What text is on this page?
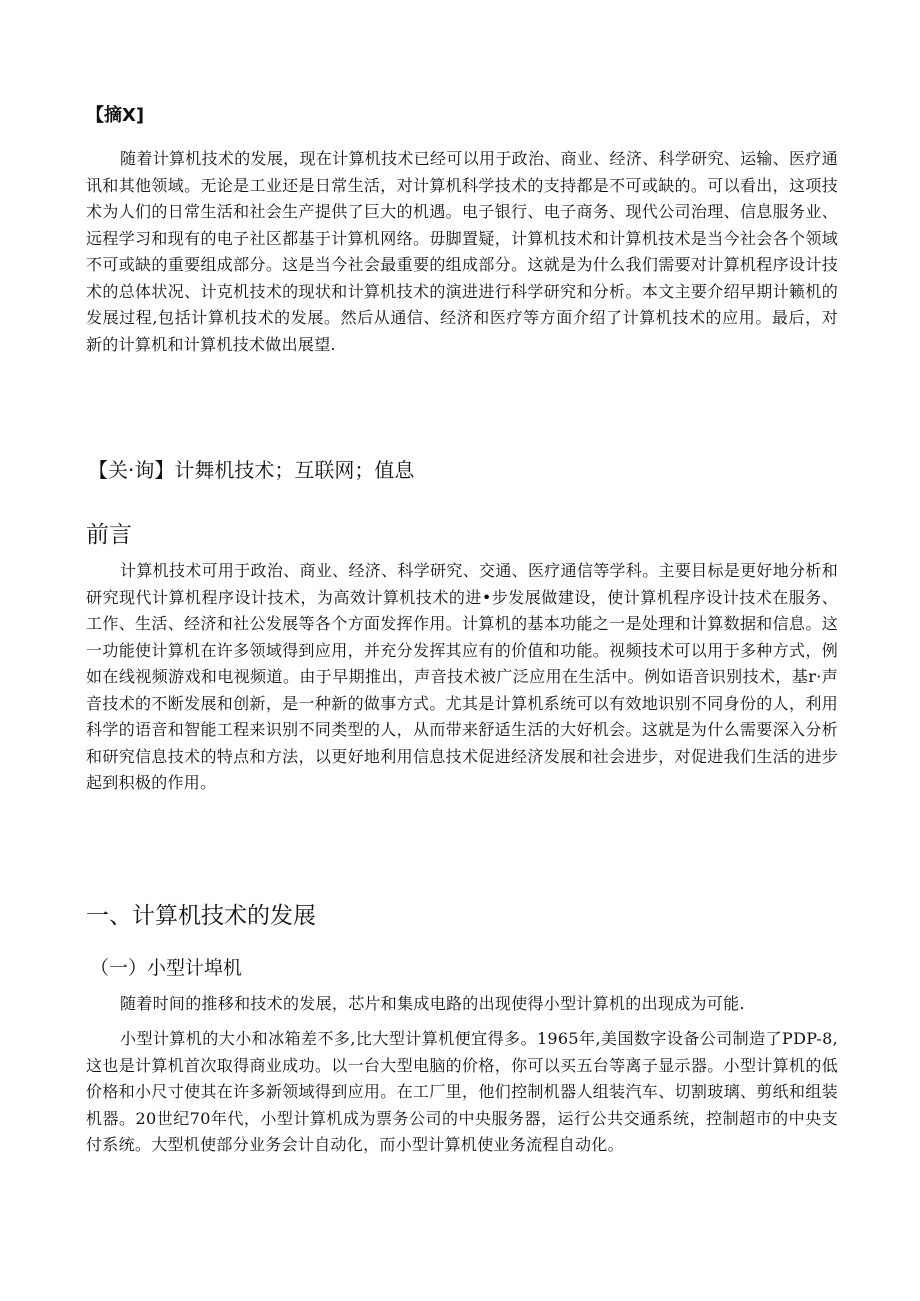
【摘X]

随着计算机技术的发展，现在计算机技术已经可以用于政治、商业、经济、科学研究、运输、医疗通讯和其他领域。无论是工业还是日常生活，对计算机科学技术的支持都是不可或缺的。可以看出，这项技术为人们的日常生活和社会生产提供了巨大的机遇。电子银行、电子商务、现代公司治理、信息服务业、远程学习和现有的电子社区都基于计算机网络。毋脚置疑，计算机技术和计算机技术是当今社会各个领域不可或缺的重要组成部分。这是当今社会最重要的组成部分。这就是为什么我们需要对计算机程序设计技术的总体状况、计克机技术的现状和计算机技术的演进进行科学研究和分析。本文主要介绍早期计籁机的发展过程,包括计算机技术的发展。然后从通信、经济和医疗等方面介绍了计算机技术的应用。最后，对新的计算机和计算机技术做出展望.

【关·询】计舞机技术；互联网；值息

前言

计算机技术可用于政治、商业、经济、科学研究、交通、医疗通信等学科。主要目标是更好地分析和研究现代计算机程序设计技术，为高效计算机技术的进•步发展做建设，使计算机程序设计技术在服务、工作、生活、经济和社公发展等各个方面发挥作用。计算机的基本功能之一是处理和计算数据和信息。这一功能使计算机在许多领域得到应用，并充分发挥其应有的价值和功能。视频技术可以用于多种方式，例如在线视频游戏和电视频道。由于早期推出，声音技术被广泛应用在生活中。例如语音识别技术，基r·声音技术的不断发展和创新，是一种新的做事方式。尤其是计算机系统可以有效地识别不同身份的人，利用科学的语音和智能工程来识别不同类型的人，从而带来舒适生活的大好机会。这就是为什么需要深入分析和研究信息技术的特点和方法，以更好地利用信息技术促进经济发展和社会进步，对促进我们生活的进步起到积极的作用。

一、计算机技术的发展

（一）小型计埠机

随着时间的推移和技术的发展，芯片和集成电路的出现使得小型计算机的出现成为可能.

小型计算机的大小和冰箱差不多,比大型计算机便宜得多。1965年,美国数字设备公司制造了PDP-8,这也是计算机首次取得商业成功。以一台大型电脑的价格，你可以买五台等离子显示器。小型计算机的低价格和小尺寸使其在许多新领域得到应用。在工厂里，他们控制机器人组装汽车、切割玻璃、剪纸和组装机器。20世纪70年代，小型计算机成为票务公司的中央服务器，运行公共交通系统，控制超市的中央支付系统。大型机使部分业务会计自动化，而小型计算机使业务流程自动化。
